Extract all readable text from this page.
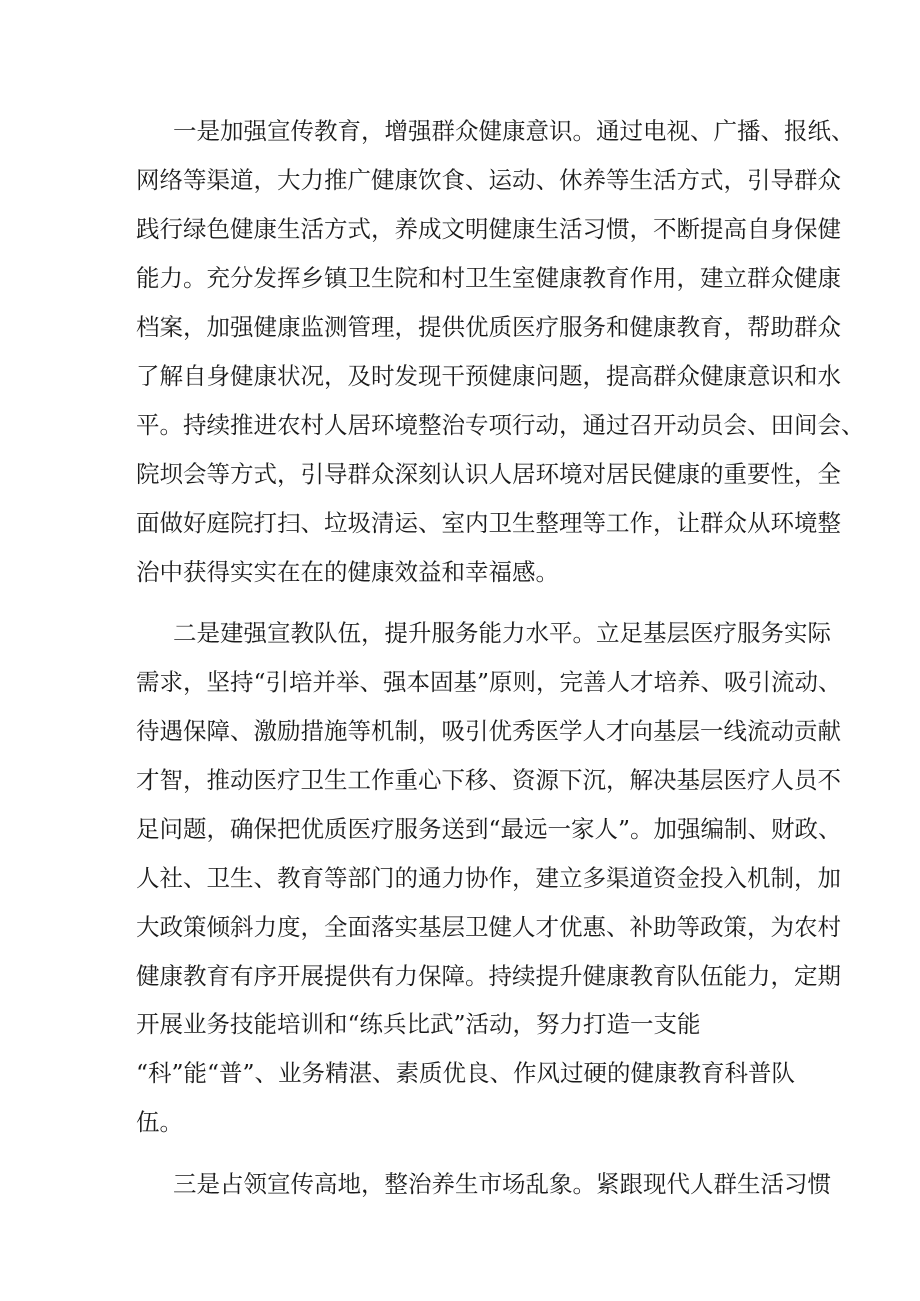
一是加强宣传教育，增强群众健康意识。通过电视、广播、报纸、

网络等渠道，大力推广健康饮食、运动、休养等生活方式，引导群众

践行绿色健康生活方式，养成文明健康生活习惯，不断提高自身保健

能力。充分发挥乡镇卫生院和村卫生室健康教育作用，建立群众健康

档案，加强健康监测管理，提供优质医疗服务和健康教育，帮助群众

了解自身健康状况，及时发现干预健康问题，提高群众健康意识和水

平。持续推进农村人居环境整治专项行动，通过召开动员会、田间会、

院坝会等方式，引导群众深刻认识人居环境对居民健康的重要性，全

面做好庭院打扫、垃圾清运、室内卫生整理等工作，让群众从环境整

治中获得实实在在的健康效益和幸福感。

二是建强宣教队伍，提升服务能力水平。立足基层医疗服务实际

需求，坚持“引培并举、强本固基”原则，完善人才培养、吸引流动、

待遇保障、激励措施等机制，吸引优秀医学人才向基层一线流动贡献

才智，推动医疗卫生工作重心下移、资源下沉，解决基层医疗人员不

足问题，确保把优质医疗服务送到“最远一家人”。加强编制、财政、

人社、卫生、教育等部门的通力协作，建立多渠道资金投入机制，加

大政策倾斜力度，全面落实基层卫健人才优惠、补助等政策，为农村

健康教育有序开展提供有力保障。持续提升健康教育队伍能力，定期

开展业务技能培训和“练兵比武”活动，努力打造一支能

“科”能“普”、业务精湛、素质优良、作风过硬的健康教育科普队

伍。

三是占领宣传高地，整治养生市场乱象。紧跟现代人群生活习惯
